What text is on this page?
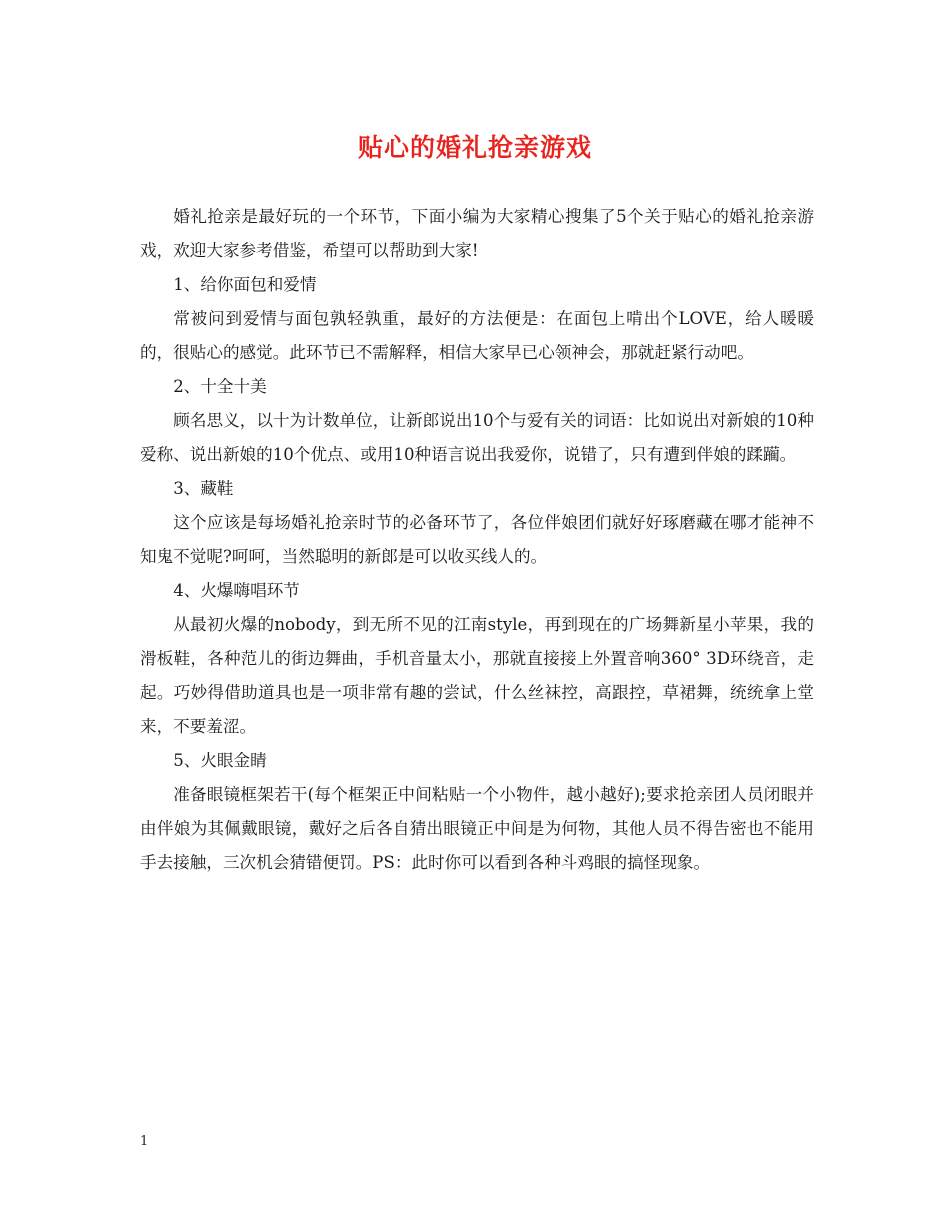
贴心的婚礼抢亲游戏

婚礼抢亲是最好玩的一个环节，下面小编为大家精心搜集了5个关于贴心的婚礼抢亲游戏，欢迎大家参考借鉴，希望可以帮助到大家!

1、给你面包和爱情

常被问到爱情与面包孰轻孰重，最好的方法便是：在面包上啃出个LOVE，给人暖暖的，很贴心的感觉。此环节已不需解释，相信大家早已心领神会，那就赶紧行动吧。

2、十全十美

顾名思义，以十为计数单位，让新郎说出10个与爱有关的词语：比如说出对新娘的10种爱称、说出新娘的10个优点、或用10种语言说出我爱你，说错了，只有遭到伴娘的蹂躏。

3、藏鞋

这个应该是每场婚礼抢亲时节的必备环节了，各位伴娘团们就好好琢磨藏在哪才能神不知鬼不觉呢?呵呵，当然聪明的新郎是可以收买线人的。

4、火爆嗨唱环节

从最初火爆的nobody，到无所不见的江南style，再到现在的广场舞新星小苹果，我的滑板鞋，各种范儿的街边舞曲，手机音量太小，那就直接接上外置音响360° 3D环绕音，走起。巧妙得借助道具也是一项非常有趣的尝试，什么丝袜控，高跟控，草裙舞，统统拿上堂来，不要羞涩。

5、火眼金睛

准备眼镜框架若干(每个框架正中间粘贴一个小物件，越小越好);要求抢亲团人员闭眼并由伴娘为其佩戴眼镜，戴好之后各自猜出眼镜正中间是为何物，其他人员不得告密也不能用手去接触，三次机会猜错便罚。PS：此时你可以看到各种斗鸡眼的搞怪现象。

1
